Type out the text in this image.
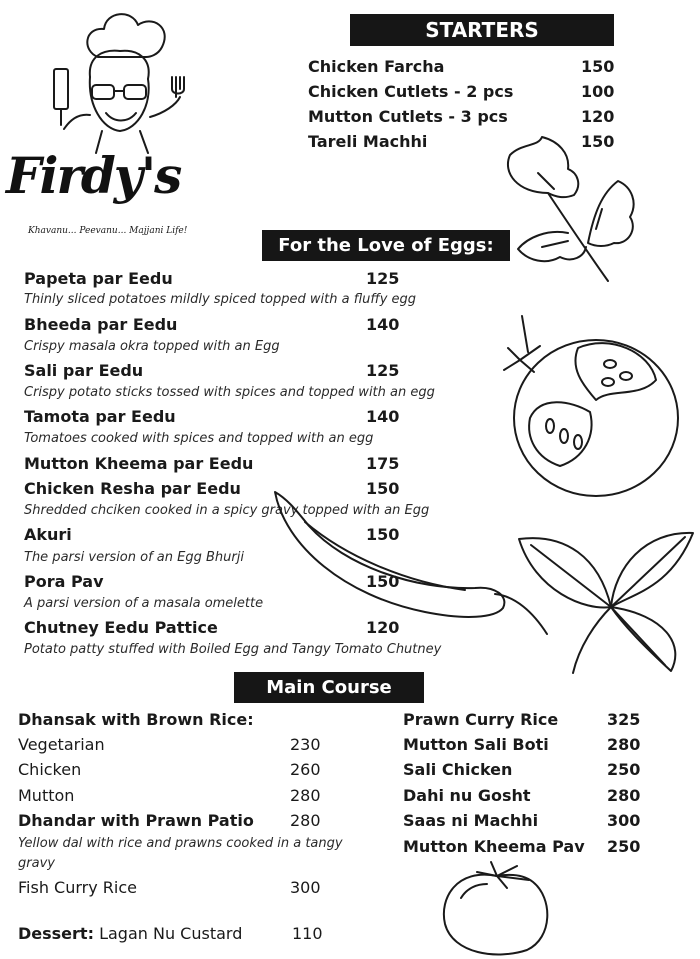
Firdy's
Khavanu... Peevanu... Majjani Life!
STARTERS
Chicken Farcha	150
Chicken Cutlets - 2 pcs	100
Mutton Cutlets - 3 pcs	120
Tareli Machhi	150
For the Love of Eggs:
Papeta par Eedu	125
Thinly sliced potatoes mildly spiced topped with a fluffy egg
Bheeda par Eedu	140
Crispy masala okra topped with an Egg
Sali par Eedu	125
Crispy potato sticks tossed with spices and topped with an egg
Tamota par Eedu	140
Tomatoes cooked with spices and topped with an egg
Mutton Kheema par Eedu	175
Chicken Resha par Eedu	150
Shredded chciken cooked in a spicy gravy topped with an Egg
Akuri	150
The parsi version of an Egg Bhurji
Pora Pav	150
A parsi version of a masala omelette
Chutney Eedu Pattice	120
Potato patty stuffed with Boiled Egg and Tangy Tomato Chutney
Main Course
Dhansak with Brown Rice:
Vegetarian	230
Chicken	260
Mutton	280
Dhandar with Prawn Patio 280
Yellow dal with rice and prawns cooked in a tangy
gravy
Fish Curry Rice	300
Dessert: Lagan Nu Custard	110
Prawn Curry Rice	325
Mutton Sali Boti	280
Sali Chicken	250
Dahi nu Gosht	280
Saas ni Machhi	300
Mutton Kheema Pav 250
